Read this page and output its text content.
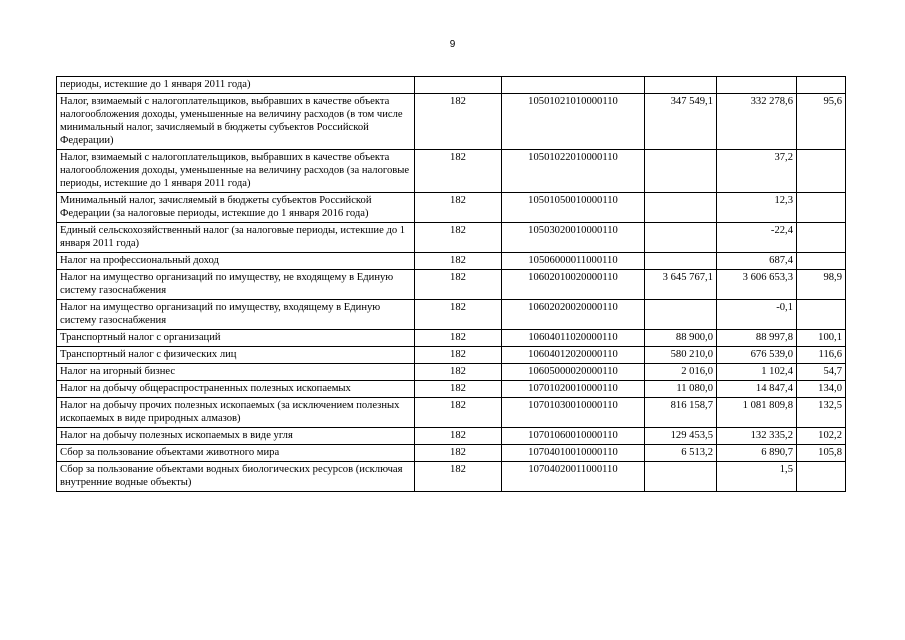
9
периоды, истекшие до 1 января 2011 года)					
Налог, взимаемый с налогоплательщиков, выбравших в качестве объекта налогообложения доходы, уменьшенные на величину расходов (в том числе минимальный налог, зачисляемый в бюджеты субъектов Российской Федерации)	182	10501021010000110	347 549,1	332 278,6	95,6
Налог, взимаемый с налогоплательщиков, выбравших в качестве объекта налогообложения доходы, уменьшенные на величину расходов (за налоговые периоды, истекшие до 1 января 2011 года)	182	10501022010000110		37,2	
Минимальный налог, зачисляемый в бюджеты субъектов Российской Федерации (за налоговые периоды, истекшие до 1 января 2016 года)	182	10501050010000110		12,3	
Единый сельскохозяйственный налог (за налоговые периоды, истекшие до 1 января 2011 года)	182	10503020010000110		-22,4	
Налог на профессиональный доход	182	10506000011000110		687,4	
Налог на имущество организаций по имуществу, не входящему в Единую систему газоснабжения	182	10602010020000110	3 645 767,1	3 606 653,3	98,9
Налог на имущество организаций по имуществу, входящему в Единую систему газоснабжения	182	10602020020000110		-0,1	
Транспортный налог с организаций	182	10604011020000110	88 900,0	88 997,8	100,1
Транспортный налог с физических лиц	182	10604012020000110	580 210,0	676 539,0	116,6
Налог на игорный бизнес	182	10605000020000110	2 016,0	1 102,4	54,7
Налог на добычу общераспространенных полезных ископаемых	182	10701020010000110	11 080,0	14 847,4	134,0
Налог на добычу прочих полезных ископаемых (за исключением полезных ископаемых в виде природных алмазов)	182	10701030010000110	816 158,7	1 081 809,8	132,5
Налог на добычу полезных ископаемых в виде угля	182	10701060010000110	129 453,5	132 335,2	102,2
Сбор за пользование объектами животного мира	182	10704010010000110	6 513,2	6 890,7	105,8
Сбор за пользование объектами водных биологических ресурсов (исключая внутренние водные объекты)	182	10704020011000110		1,5	
